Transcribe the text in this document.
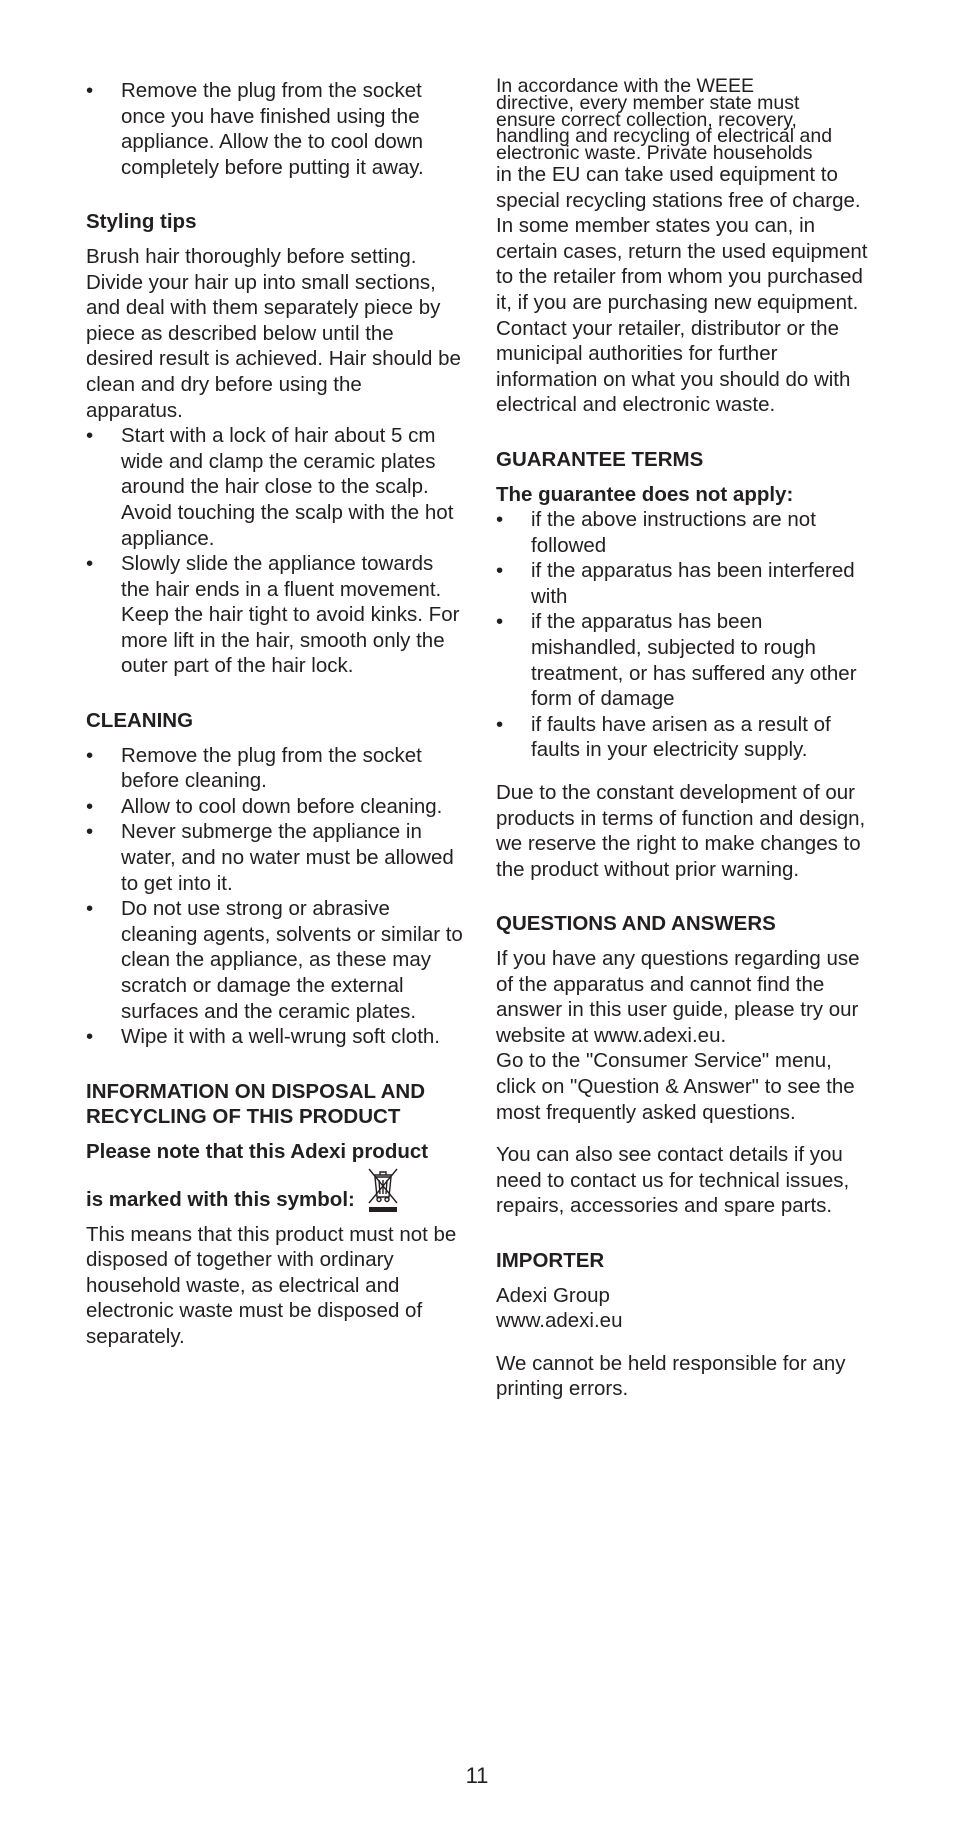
• Remove the plug from the socket once you have finished using the appliance. Allow the to cool down completely before putting it away.
Styling tips

Brush hair thoroughly before setting. Divide your hair up into small sections, and deal with them separately piece by piece as described below until the desired result is achieved. Hair should be clean and dry before using the apparatus.

• Start with a lock of hair about 5 cm wide and clamp the ceramic plates around the hair close to the scalp. Avoid touching the scalp with the hot appliance.
• Slowly slide the appliance towards the hair ends in a fluent movement. Keep the hair tight to avoid kinks. For more lift in the hair, smooth only the outer part of the hair lock.
CLEANING
• Remove the plug from the socket before cleaning.
• Allow to cool down before cleaning.
• Never submerge the appliance in water, and no water must be allowed to get into it.
• Do not use strong or abrasive cleaning agents, solvents or similar to clean the appliance, as these may scratch or damage the external surfaces and the ceramic plates.
• Wipe it with a well-wrung soft cloth.
INFORMATION ON DISPOSAL AND
RECYCLING OF THIS PRODUCT

Please note that this Adexi product

is marked with this symbol:

This means that this product must not be disposed of together with ordinary household waste, as electrical and electronic waste must be disposed of separately.

In accordance with the WEEE
directive, every member state must
ensure correct collection, recovery,
handling and recycling of electrical and
electronic waste. Private households

in the EU can take used equipment to special recycling stations free of charge. In some member states you can, in certain cases, return the used equipment to the retailer from whom you purchased it, if you are purchasing new equipment. Contact your retailer, distributor or the municipal authorities for further information on what you should do with electrical and electronic waste.

GUARANTEE TERMS

The guarantee does not apply:

• if the above instructions are not followed
• if the apparatus has been interfered with
• if the apparatus has been mishandled, subjected to rough treatment, or has suffered any other form of damage
• if faults have arisen as a result of faults in your electricity supply.

Due to the constant development of our products in terms of function and design, we reserve the right to make changes to the product without prior warning.

QUESTIONS AND ANSWERS

If you have any questions regarding use of the apparatus and cannot find the answer in this user guide, please try our website at www.adexi.eu.

Go to the "Consumer Service" menu, click on "Question & Answer" to see the most frequently asked questions.

You can also see contact details if you need to contact us for technical issues, repairs, accessories and spare parts.

IMPORTER

Adexi Group

www.adexi.eu

We cannot be held responsible for any printing errors.

11
